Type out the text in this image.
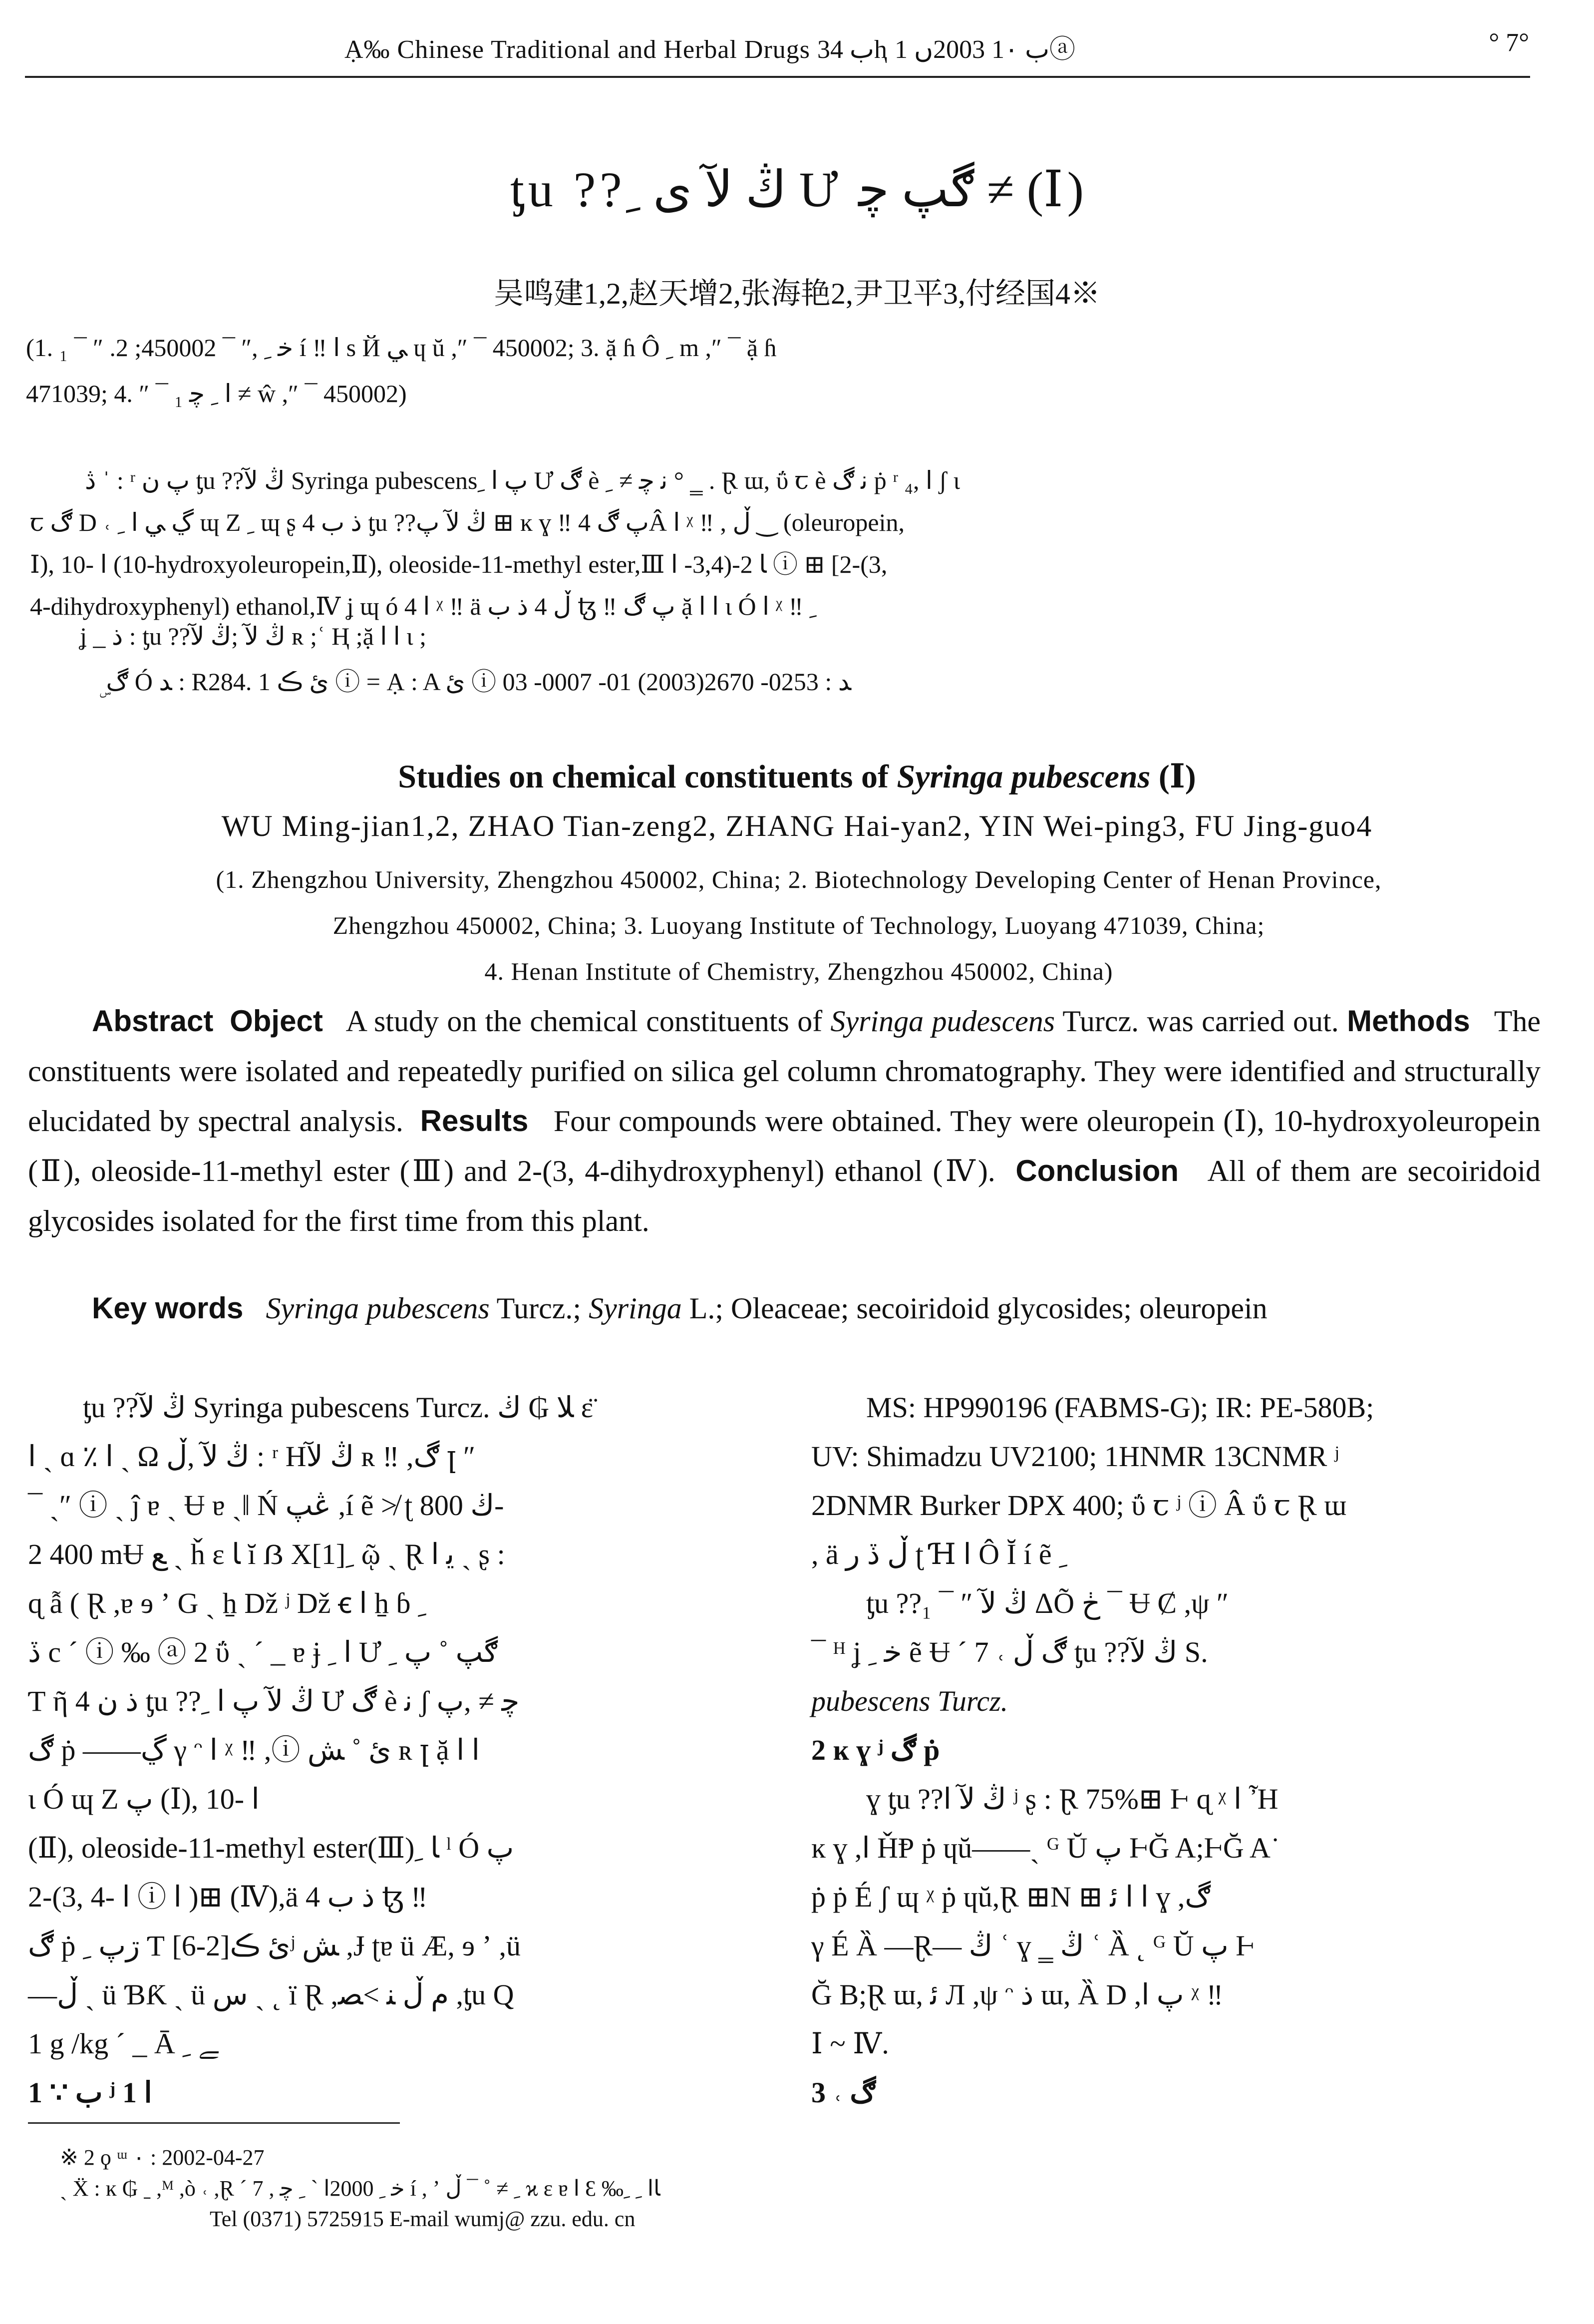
Ạ‰ Chinese Traditional and Herbal Drugs ب 34ⱨ ب 1۰ 2003ں 1ⓐ	° 7°
ƫu ??ڭ ﻵ ﻯ ﹺ Ư ڰپ ﭼ ≠ (Ⅰ)
吴鸣建1,2,赵天增2,张海艳2,尹卫平3,付经国4※
(1. ﺧ ﹺ ,″ ¯ 450002; 2. ″ ¯ ₁ í ‼ ﺍ s Й ﻲ ɥ ŭ ,″ ¯ 450002; 3. ặ ɦ Ô ﹺ m ,″ ¯ ặ ɦ
471039; 4. ″ ¯ ₁ ﺍ ﹺ ﭼ ≠ ŵ ,″ ¯ 450002)
ڎ ˈ : ʳ پ ن ƫu ??ڭ ﻵ Syringa pubescensپ ﺍ ﹺ Ư ڰ è ﻧ ﭼ ≠ ﹺ ° ‗ . Ɽ ɯ, ΰ ꞇ è ﻧ ڰ ṗ ʳ ﺍ ,₄ ʃ ι
ꞇ ڰ D ˓ ڲ ﻲ ﺍ ﹺ ɰ Z ﹺ ɰ ʂ 4 ﺫ ﺏ ƫu ??ڭ ﻵ پ ⊞ ĸ ɣ ‼ پ ڰ 4Â ﺍ ᵡ ‼ , ڵ ‿ (oleuropein,
Ⅰ), 10- ﺍ (10-hydroxyoleuropein,Ⅱ), oleoside-11-methyl ester,Ⅲ ﺎ 2-(3,4- ﺍ ⓘ ⊞ [2-(3,
4-dihydroxyphenyl) ethanol,Ⅳ ʝ ɰ ó 4 ﺍ ᵡ ‼ ä ڵ 4 ﺫ ﺏ ꜩ ‼ پ ڰ ặ ﺍ ﺍ ɩ Ó ﺍ ᵡ ‼ ﹺ
ʝ _ ﺫ : ƫu ??ڭ ﻵ ;ڭ ﻵ ʀ ;ʿ Ⱨ ;ặ ﺍ ﺍ ɩ ;
ۣ ڰ Ó ﺪ : R284. 1 ئ ڪ ⓘ = Ạ : A ئ ⓘ ﺪ : 0253- 2670(2003) 01- 0007- 03
Studies on chemical constituents of Syringa pubescens (Ⅰ)
WU Ming-jian1,2, ZHAO Tian-zeng2, ZHANG Hai-yan2, YIN Wei-ping3, FU Jing-guo4
(1. Zhengzhou University, Zhengzhou 450002, China; 2. Biotechnology Developing Center of Henan Province,
Zhengzhou 450002, China; 3. Luoyang Institute of Technology, Luoyang 471039, China;
4. Henan Institute of Chemistry, Zhengzhou 450002, China)

Abstract Object A study on the chemical constituents of Syringa pudescens Turcz. was carried out. Methods The constituents were isolated and repeatedly purified on silica gel column chromatography. They were identified and structurally elucidated by spectral analysis. Results Four compounds were obtained. They were oleuropein (Ⅰ), 10-hydroxyoleuropein (Ⅱ), oleoside-11-methyl ester (Ⅲ) and 2-(3, 4-dihydroxyphenyl) ethanol (Ⅳ). Conclusion All of them are secoiridoid glycosides isolated for the first time from this plant.

Key words Syringa pubescens Turcz.; Syringa L.; Oleaceae; secoiridoid glycosides; oleuropein

ƫu ??ڭ ﻵ Syringa pubescens Turcz. ﻼ ₲ ڬ ε̈

ﺍ ˏ ɑ ٪ ﺍ ˏ Ω ڭ ﻵ ,ڵ : ʳ Hڭ ﻵ ʀ ‼ ,ڰ ꞁ ″

¯ ˏ″ ⓘ ˏ ĵ ɐ ˏ Ʉ ɐ ˏ‖ Ń ڠپ ,í ẽ ≯ ʈ ڬ 800-

2 400 mɄ ﻊ ˏ ȟ ɛ ﺎ ĭ ẞ Χ[1]ﹺ ῷ ˏ Ɽ ﻳ ﺍ ˏ ʂ :

ɋ ẫ ( Ɽ ,ɐ ɘ ʼ G ˏ ẖ Dž ʲ Dž ꞓ ﺍ ẖ ɓ ﹺ

ڏ c ˊ ⓘ ‰ ⓐ 2 ΰ ˎ ˊ _ ɐ ɉ ﺍ ﹺ Ư ڰپ ˚ پ ﹺ

Ƭ ῆ 4 ﺫ ن ƫu ??ڭ ﻵ پ ﺍ ﹺ Ư ڰ è ﻧ ʃ ﭼ ≠ ,ﭖ

ڰ ṗ ——ڲ γ ᵔ ﺍ ᵡ ‼ ,ⓘ ئ ˚ ﺶ ʀ ꞁ ặ ﺍ ﺍ

ɩ Ó ɰ Z پ (Ⅰ), 10- ﺍ

(Ⅱ), oleoside-11-methyl ester(Ⅲ)ﺎ ﹺ ˡ Ó پ

2-(3, 4- ﺍ ⓘ ﺍ )⊞ (Ⅳ),ä 4 ﺫ ﺏ ꜩ ‼

ڰ ṗ ڗپ ﹺ Ƭ ئ ڪ[2-6]ʲ ﺶ ,Ɉ ʈɐ ü Æ, ɘ ʼ ,ü

—ڵ ˏ ü ƁƘ ˏ ü ﺱ ˏ ˛ ï Ɽ ,ﻡ ڵ ﻨ >ﺼ ,ƫu Q

1 g /kg ˊ _ Ā ﮯ ﹺ

1 ∵ ﺏ ʲ 1 ﺍ

MS: HP990196 (FABMS-G); IR: PE-580B;

UV: Shimadzu UV2100; 1HNMR 13CNMR ʲ

2DNMR Burker DPX 400; ΰ ꞇ ʲ ⓘ Â ΰ ꞇ Ɽ ɯ

, ä ڵ ڏ ﺭ ʈ Ɦ ﺍ Ô Ĭ í ẽ ﹺ

ƫu ??ڭ ﻵ ″ ¯ ₁ ΔÕ ڂ ¯ Ʉ Ȼ ,ψ ″

¯ ᴴ ʝ ﺧ ﹺ ẽ Ʉ ˊ 7 ˓ ڰ ڵ ƫu ??ڭ ﻵ S.

pubescens Turcz.

2 ĸ ɣ ʲ ڰ ṗ

ɣ ƫu ??ڭ ﻵ ﺍ ʲ ʂ : Ɽ 75%⊞ Ⱶ ɋ ᵡ ﺍ Ἦ

ĸ ɣ ,ﺍ ȞⱣ ṗ ɥŭ——ˏ ᴳ Ŭ پ ⱵĞ A;ⱵĞ A˙

ṗ ṗ É ʃ ɰ ᵡ ṗ ɥŭ,Ɽ ⊞N ⊞ ﺍ ﺍ ﺋ ɣ ,ڰ

γ É Ȁ —Ɽ— ڭ ʿ ɣ ‗ ڭ ʿ Ȁ ˛ ᴳ Ŭ پ Ⱶ

Ğ B;Ɽ ɯ, ﺋ Л ,ψ ᵔ ﺫ ɯ, Ȁ D ,پ ﺍ ᵡ ‼

Ⅰ ~ Ⅳ.

3 ˓ ڰ

※ 2 ϙ ᵚ ۰ : 2002-04-27
ˏ Ẍ : ĸ ₲ ˍ ,ᴹ ,ò ˓ ,Ɽ ˊ 7 , ﺧ ﹺ 2000ﺍ ˋ ﹺ ﭼ í , ʼ ﹺ ≠ ˚ ¯ ڵ ϰ ɛ ɐ ﺍ Ɛ ‰ﺎﺍ ﹺ ﹺ
Tel (0371) 5725915 E-mail wumj@ zzu. edu. cn
